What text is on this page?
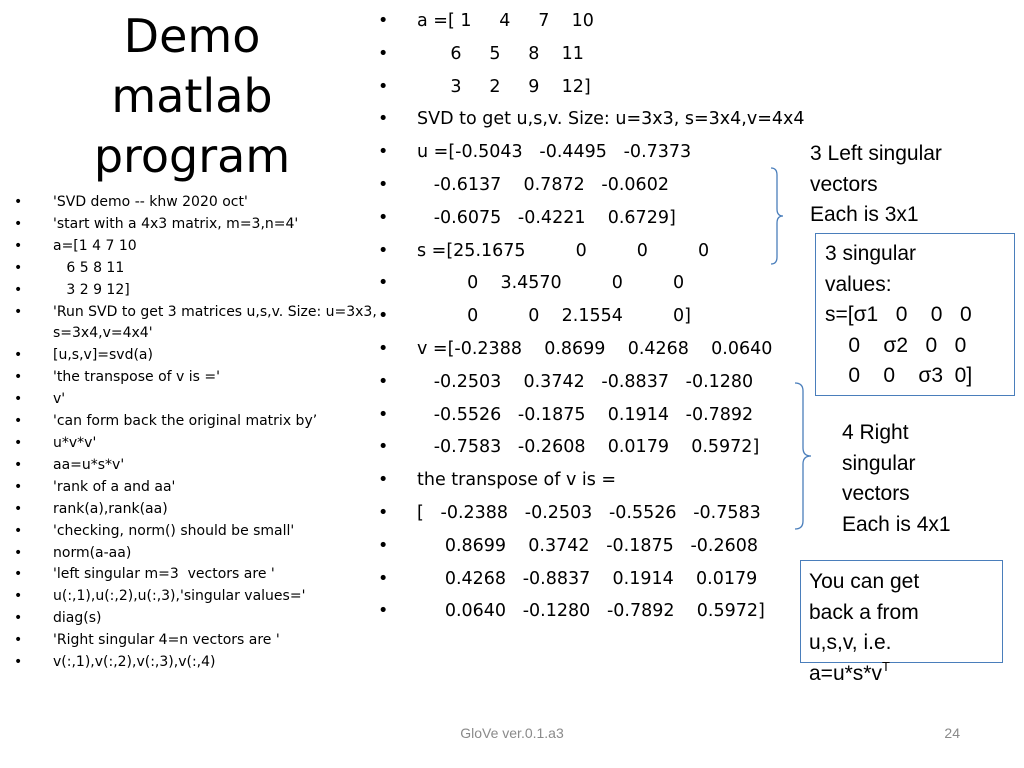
Demo
matlab
program
• 'SVD demo -- khw 2020 oct'
• 'start with a 4x3 matrix, m=3,n=4'
• a=[1 4 7 10
•    6 5 8 11
•    3 2 9 12]
• 'Run SVD to get 3 matrices u,s,v. Size: u=3x3, s=3x4,v=4x4'
• [u,s,v]=svd(a)
• 'the transpose of v is ='
• v'
• 'can form back the original matrix by’
• u*v*v'
• aa=u*s*v'
• 'rank of a and aa'
• rank(a),rank(aa)
• 'checking, norm() should be small'
• norm(a-aa)
• 'left singular m=3  vectors are '
• u(:,1),u(:,2),u(:,3),'singular values='
• diag(s)
• 'Right singular 4=n vectors are '
• v(:,1),v(:,2),v(:,3),v(:,4)
• a =[ 1     4     7    10
•       6     5     8    11
•       3     2     9    12]
• SVD to get u,s,v. Size: u=3x3, s=3x4,v=4x4
• u =[-0.5043   -0.4495   -0.7373
•    -0.6137    0.7872   -0.0602
•    -0.6075   -0.4221    0.6729]
• s =[25.1675         0         0         0
•          0    3.4570         0         0
•          0         0    2.1554         0]
• v =[-0.2388    0.8699    0.4268    0.0640
•    -0.2503    0.3742   -0.8837   -0.1280
•    -0.5526   -0.1875    0.1914   -0.7892
•    -0.7583   -0.2608    0.0179    0.5972]
• the transpose of v is =
• [   -0.2388   -0.2503   -0.5526   -0.7583
•      0.8699    0.3742   -0.1875   -0.2608
•      0.4268   -0.8837    0.1914    0.0179
•      0.0640   -0.1280   -0.7892    0.5972]
3 Left singular
vectors
Each is 3x1
3 singular
values:
s=[σ1   0    0   0
0    σ2   0   0
0    0    σ3  0]
4 Right
singular
vectors
Each is 4x1
You can get
back a from
u,s,v, i.e.
$a=u*s*v^T$
GloVe ver.0.1.a3	24
